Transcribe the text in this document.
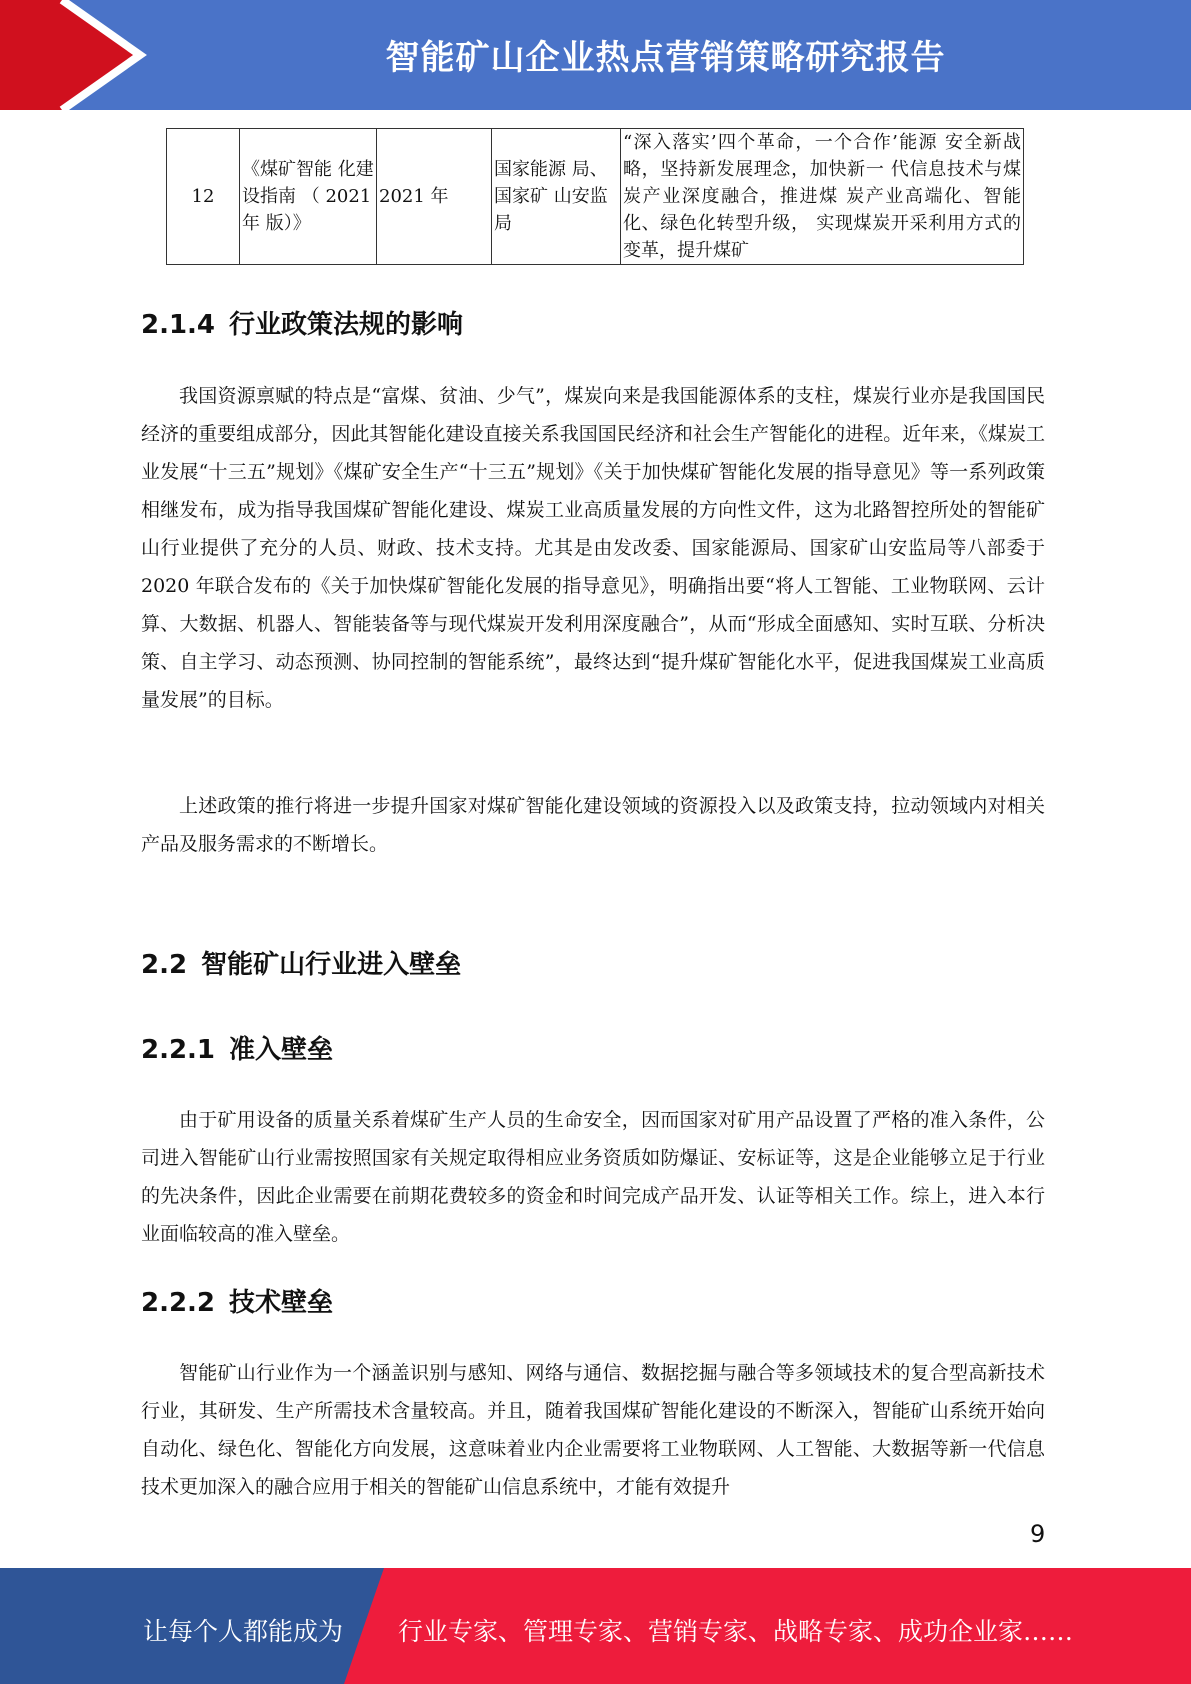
智能矿山企业热点营销策略研究报告
12	《煤矿智能 化建设指南 （ 2021 年 版）》	2021 年	国家能源 局、国家矿 山安监局	“深入落实’四个革命，一个合作’能源 安全新战略，坚持新发展理念，加快新一 代信息技术与煤炭产业深度融合，推进煤 炭产业高端化、智能化、绿色化转型升级， 实现煤炭开采利用方式的变革，提升煤矿
2.1.4 行业政策法规的影响

我国资源禀赋的特点是“富煤、贫油、少气”，煤炭向来是我国能源体系的支柱，煤炭行业亦是我国国民经济的重要组成部分，因此其智能化建设直接关系我国国民经济和社会生产智能化的进程。近年来，《煤炭工业发展“十三五”规划》《煤矿安全生产“十三五”规划》《关于加快煤矿智能化发展的指导意见》等一系列政策相继发布，成为指导我国煤矿智能化建设、煤炭工业高质量发展的方向性文件，这为北路智控所处的智能矿山行业提供了充分的人员、财政、技术支持。尤其是由发改委、国家能源局、国家矿山安监局等八部委于 2020 年联合发布的《关于加快煤矿智能化发展的指导意见》，明确指出要“将人工智能、工业物联网、云计算、大数据、机器人、智能装备等与现代煤炭开发利用深度融合”，从而“形成全面感知、实时互联、分析决策、自主学习、动态预测、协同控制的智能系统”，最终达到“提升煤矿智能化水平，促进我国煤炭工业高质量发展”的目标。

上述政策的推行将进一步提升国家对煤矿智能化建设领域的资源投入以及政策支持，拉动领域内对相关产品及服务需求的不断增长。

2.2 智能矿山行业进入壁垒
2.2.1 准入壁垒

由于矿用设备的质量关系着煤矿生产人员的生命安全，因而国家对矿用产品设置了严格的准入条件，公司进入智能矿山行业需按照国家有关规定取得相应业务资质如防爆证、安标证等，这是企业能够立足于行业的先决条件，因此企业需要在前期花费较多的资金和时间完成产品开发、认证等相关工作。综上，进入本行业面临较高的准入壁垒。

2.2.2 技术壁垒

智能矿山行业作为一个涵盖识别与感知、网络与通信、数据挖掘与融合等多领域技术的复合型高新技术行业，其研发、生产所需技术含量较高。并且，随着我国煤矿智能化建设的不断深入，智能矿山系统开始向自动化、绿色化、智能化方向发展，这意味着业内企业需要将工业物联网、人工智能、大数据等新一代信息技术更加深入的融合应用于相关的智能矿山信息系统中，才能有效提升

9
让每个人都能成为 行业专家、管理专家、营销专家、战略专家、成功企业家……
